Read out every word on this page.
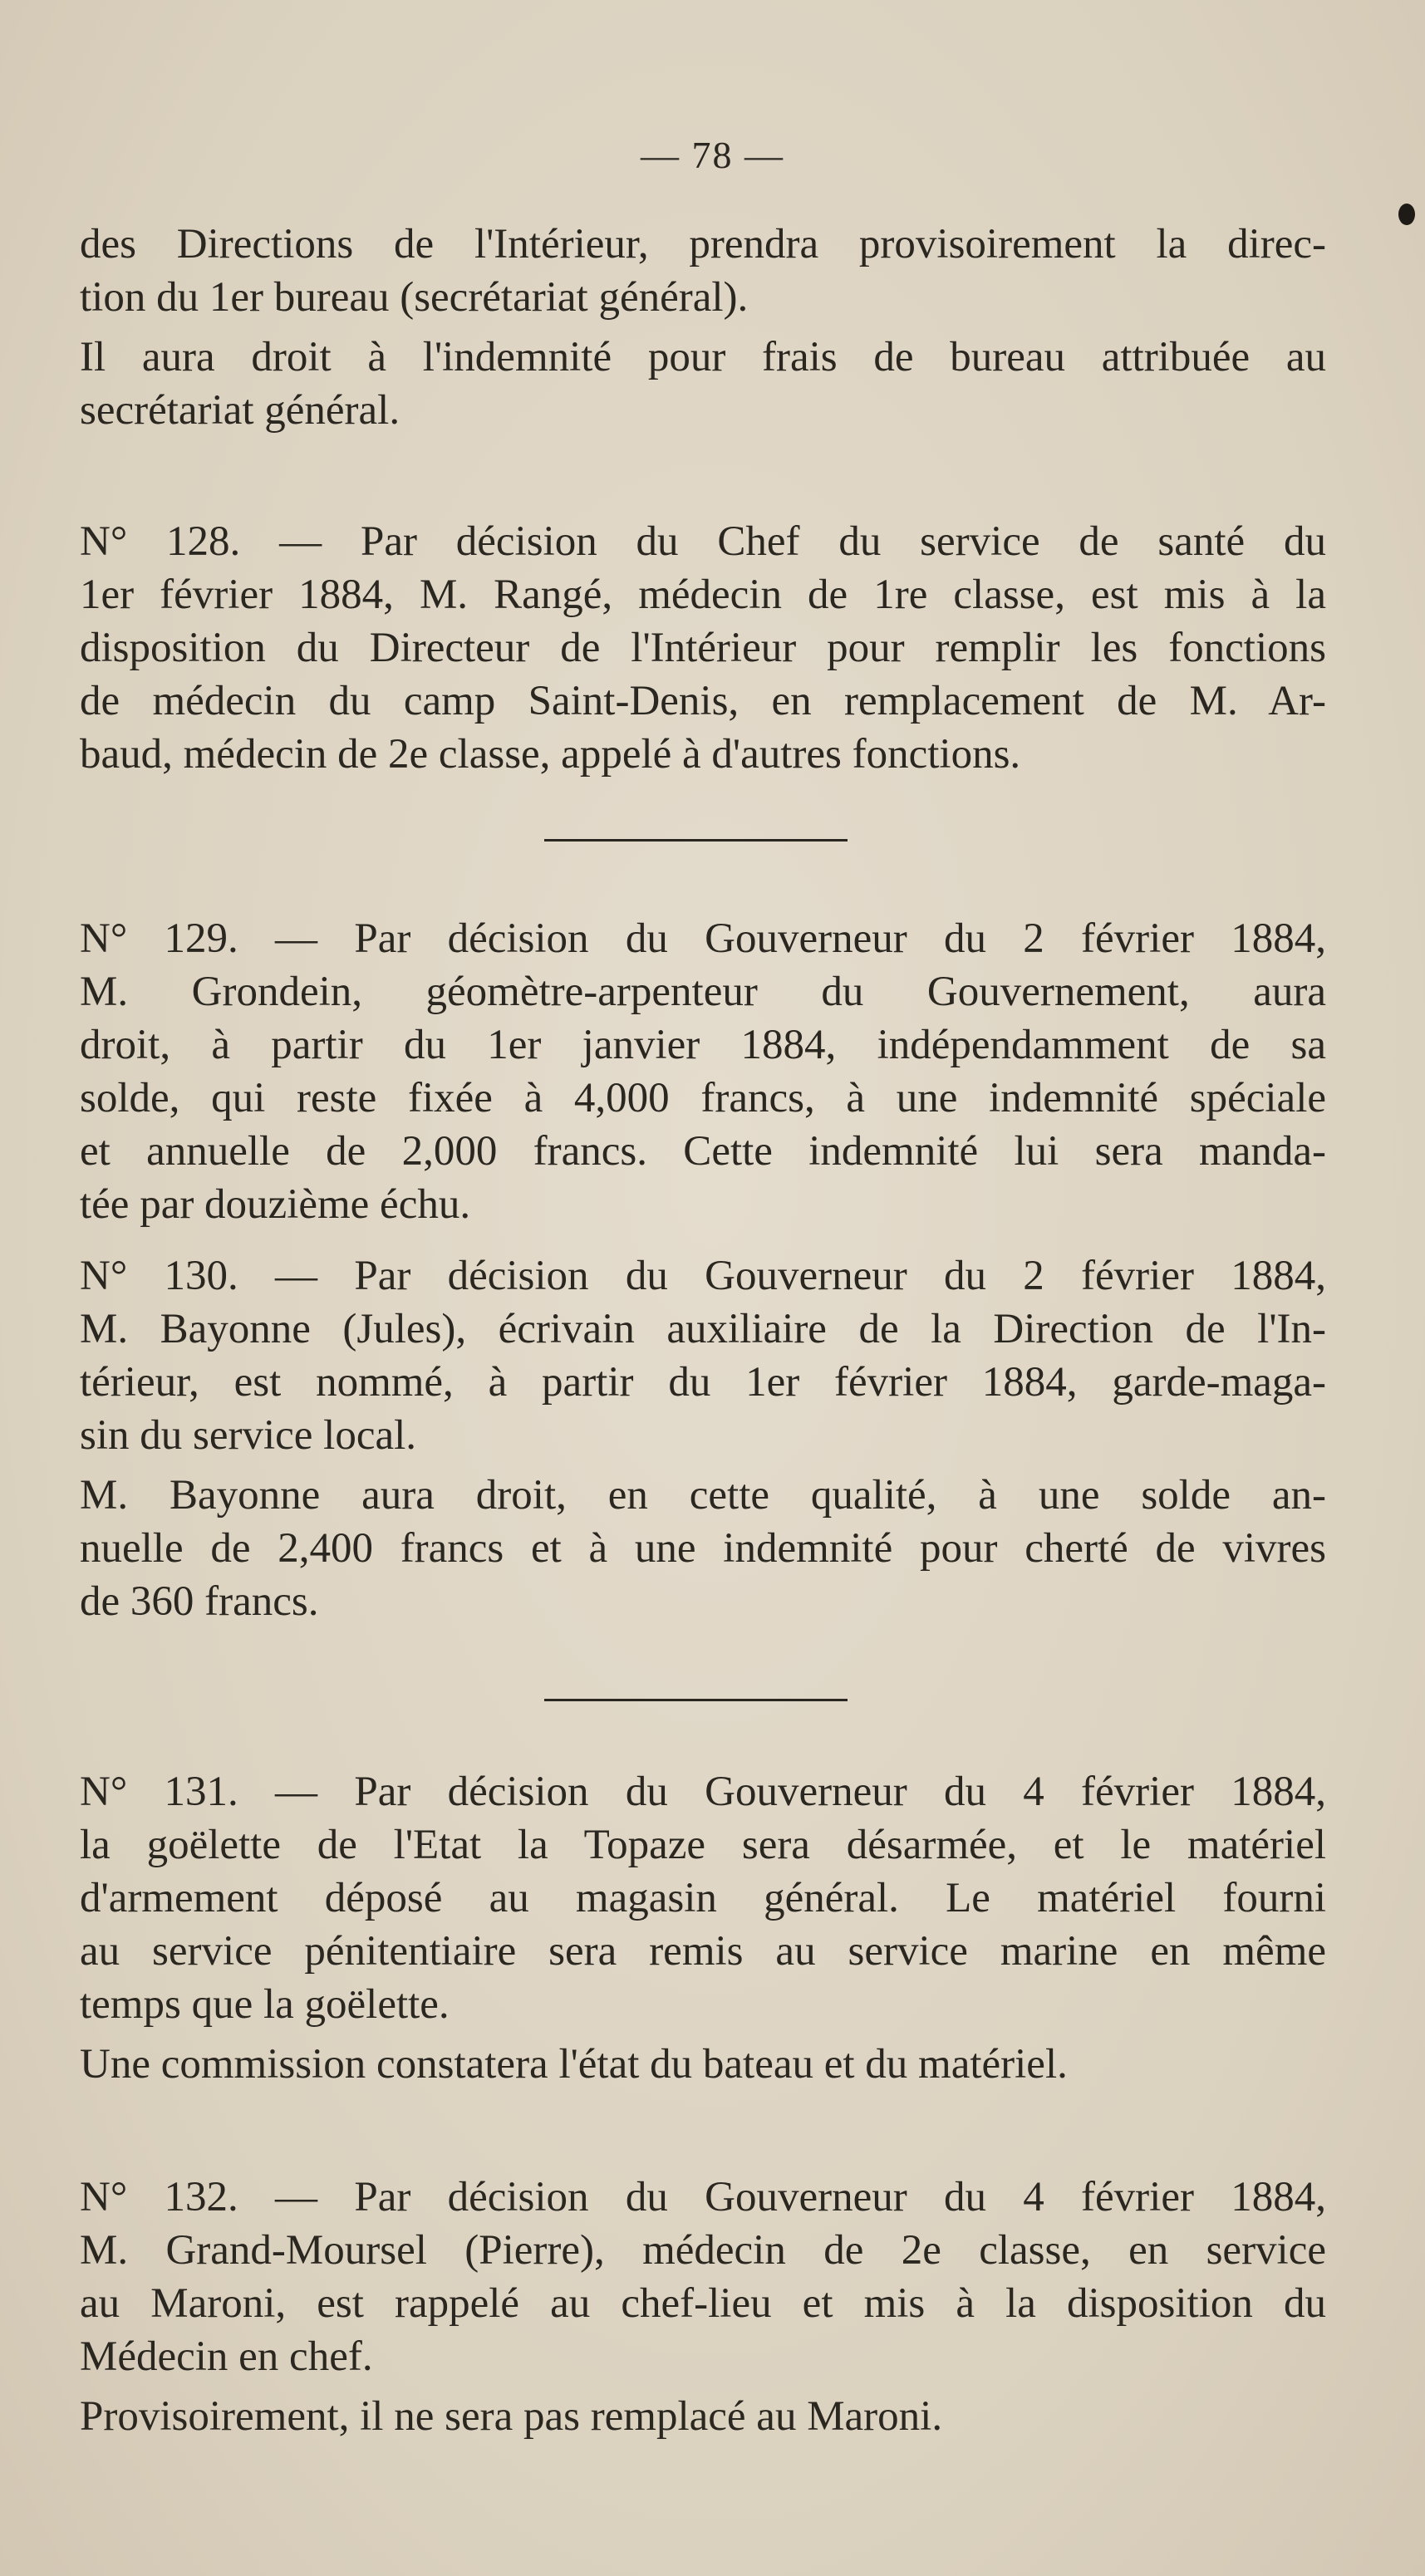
— 78 —
des Directions de l'Intérieur, prendra provisoirement la direc-
tion du 1er bureau (secrétariat général).
Il aura droit à l'indemnité pour frais de bureau attribuée au
secrétariat général.
N° 128. — Par décision du Chef du service de santé du
1er février 1884, M. Rangé, médecin de 1re classe, est mis à la
disposition du Directeur de l'Intérieur pour remplir les fonctions
de médecin du camp Saint-Denis, en remplacement de M. Ar-
baud, médecin de 2e classe, appelé à d'autres fonctions.
N° 129. — Par décision du Gouverneur du 2 février 1884,
M. Grondein, géomètre-arpenteur du Gouvernement, aura
droit, à partir du 1er janvier 1884, indépendamment de sa
solde, qui reste fixée à 4,000 francs, à une indemnité spéciale
et annuelle de 2,000 francs. Cette indemnité lui sera manda-
tée par douzième échu.
N° 130. — Par décision du Gouverneur du 2 février 1884,
M. Bayonne (Jules), écrivain auxiliaire de la Direction de l'In-
térieur, est nommé, à partir du 1er février 1884, garde-maga-
sin du service local.
M. Bayonne aura droit, en cette qualité, à une solde an-
nuelle de 2,400 francs et à une indemnité pour cherté de vivres
de 360 francs.
N° 131. — Par décision du Gouverneur du 4 février 1884,
la goëlette de l'Etat la Topaze sera désarmée, et le matériel
d'armement déposé au magasin général. Le matériel fourni
au service pénitentiaire sera remis au service marine en même
temps que la goëlette.
Une commission constatera l'état du bateau et du matériel.
N° 132. — Par décision du Gouverneur du 4 février 1884,
M. Grand-Moursel (Pierre), médecin de 2e classe, en service
au Maroni, est rappelé au chef-lieu et mis à la disposition du
Médecin en chef.
Provisoirement, il ne sera pas remplacé au Maroni.
